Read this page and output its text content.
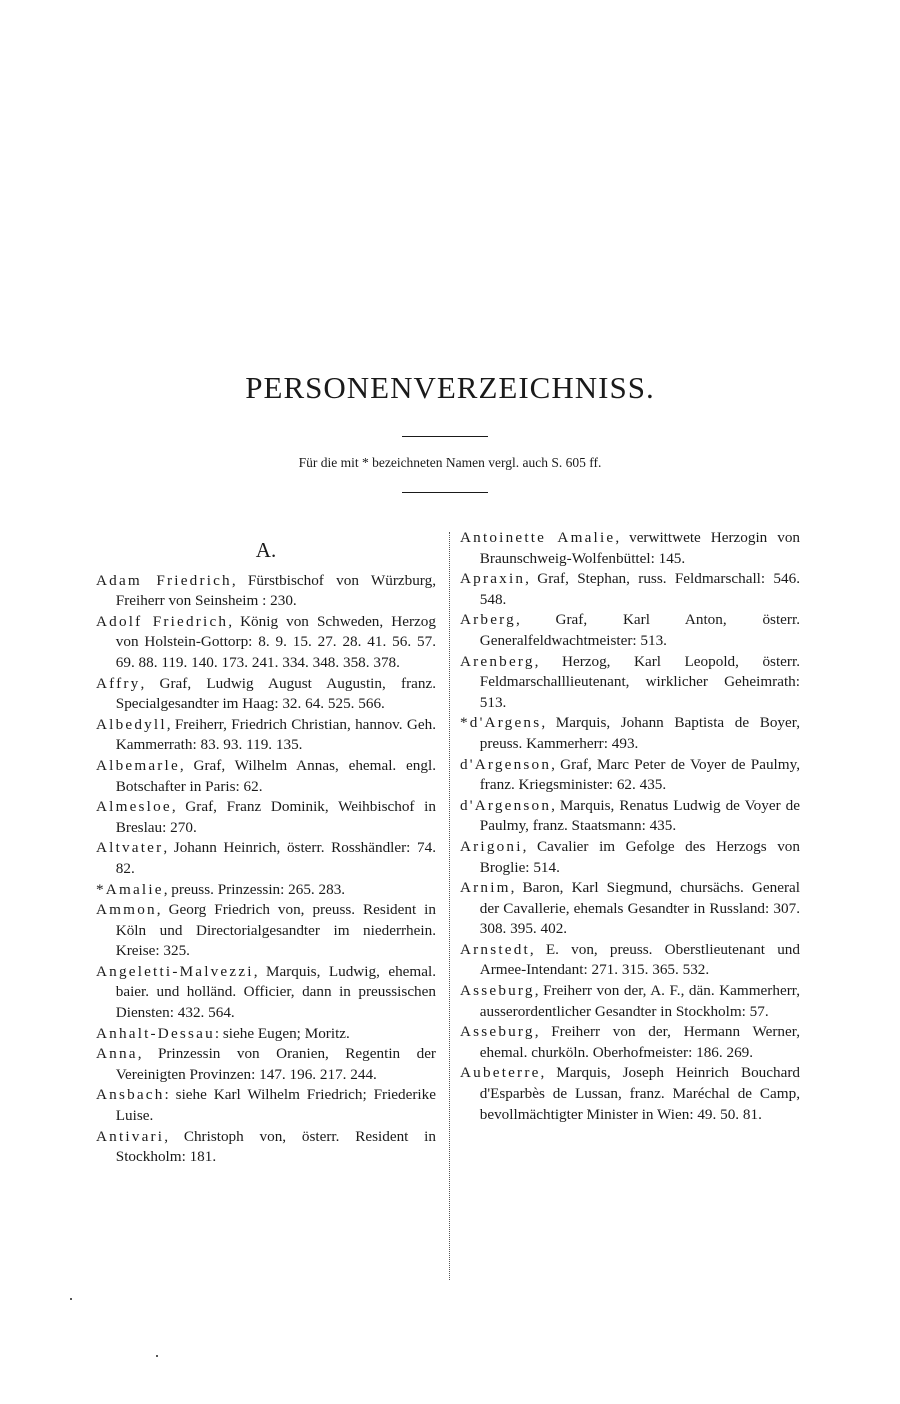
PERSONENVERZEICHNISS.
Für die mit * bezeichneten Namen vergl. auch S. 605 ff.
A.

Adam Friedrich, Fürstbischof von Würzburg, Freiherr von Seinsheim : 230.

Adolf Friedrich, König von Schweden, Herzog von Holstein-Gottorp: 8. 9. 15. 27. 28. 41. 56. 57. 69. 88. 119. 140. 173. 241. 334. 348. 358. 378.

Affry, Graf, Ludwig August Augustin, franz. Specialgesandter im Haag: 32. 64. 525. 566.

Albedyll, Freiherr, Friedrich Christian, hannov. Geh. Kammerrath: 83. 93. 119. 135.

Albemarle, Graf, Wilhelm Annas, ehemal. engl. Botschafter in Paris: 62.

Almesloe, Graf, Franz Dominik, Weihbischof in Breslau: 270.

Altvater, Johann Heinrich, österr. Rosshändler: 74. 82.

*Amalie, preuss. Prinzessin: 265. 283.

Ammon, Georg Friedrich von, preuss. Resident in Köln und Directorialgesandter im niederrhein. Kreise: 325.

Angeletti-Malvezzi, Marquis, Ludwig, ehemal. baier. und holländ. Officier, dann in preussischen Diensten: 432. 564.

Anhalt-Dessau: siehe Eugen; Moritz.

Anna, Prinzessin von Oranien, Regentin der Vereinigten Provinzen: 147. 196. 217. 244.

Ansbach: siehe Karl Wilhelm Friedrich; Friederike Luise.

Antivari, Christoph von, österr. Resident in Stockholm: 181.

Antoinette Amalie, verwittwete Herzogin von Braunschweig-Wolfenbüttel: 145.

Apraxin, Graf, Stephan, russ. Feldmarschall: 546. 548.

Arberg, Graf, Karl Anton, österr. Generalfeldwachtmeister: 513.

Arenberg, Herzog, Karl Leopold, österr. Feldmarschalllieutenant, wirklicher Geheimrath: 513.

*d'Argens, Marquis, Johann Baptista de Boyer, preuss. Kammerherr: 493.

d'Argenson, Graf, Marc Peter de Voyer de Paulmy, franz. Kriegsminister: 62. 435.

d'Argenson, Marquis, Renatus Ludwig de Voyer de Paulmy, franz. Staatsmann: 435.

Arigoni, Cavalier im Gefolge des Herzogs von Broglie: 514.

Arnim, Baron, Karl Siegmund, chursächs. General der Cavallerie, ehemals Gesandter in Russland: 307. 308. 395. 402.

Arnstedt, E. von, preuss. Oberstlieutenant und Armee-Intendant: 271. 315. 365. 532.

Asseburg, Freiherr von der, A. F., dän. Kammerherr, ausserordentlicher Gesandter in Stockholm: 57.

Asseburg, Freiherr von der, Hermann Werner, ehemal. churköln. Oberhofmeister: 186. 269.

Aubeterre, Marquis, Joseph Heinrich Bouchard d'Esparbès de Lussan, franz. Maréchal de Camp, bevollmächtigter Minister in Wien: 49. 50. 81.
